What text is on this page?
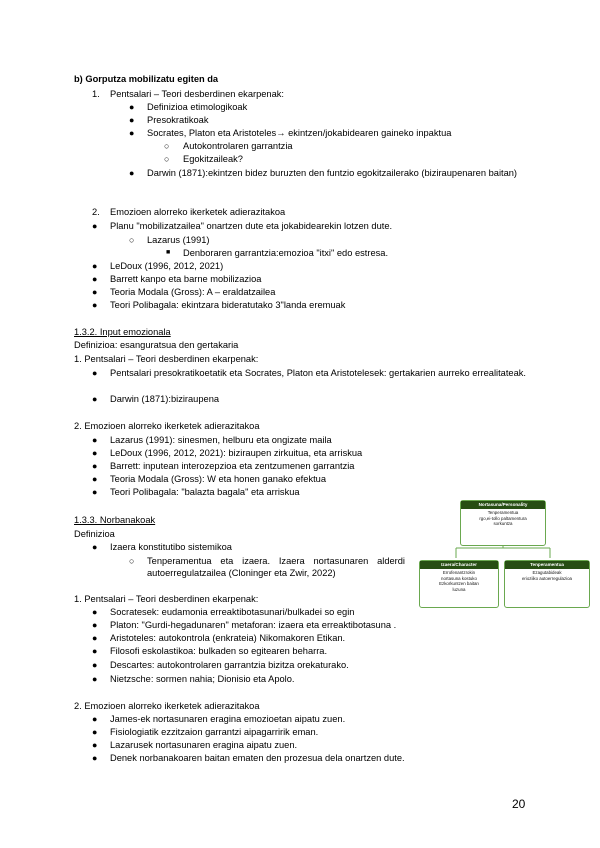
b) Gorputza mobilizatu egiten da
1. Pentsalari – Teori desberdinen ekarpenak:
● Definizioa etimologikoak
● Presokratikoak
● Socrates, Platon eta Aristoteles→ ekintzen/jokabidearen gaineko inpaktua
○ Autokontrolaren garrantzia
○ Egokitzaileak?
● Darwin (1871):ekintzen bidez buruzten den funtzio egokitzailerako (biziraupenaren baitan)
2. Emozioen alorreko ikerketek adierazitakoa
● Planu "mobilizatzailea" onartzen dute eta jokabidearekin lotzen dute.
○ Lazarus (1991)
■ Denboraren garrantzia:emozioa "itxi" edo estresa.
● LeDoux (1996, 2012, 2021)
● Barrett kanpo eta barne mobilizazioa
● Teoria Modala (Gross): A – eraldatzailea
● Teori Polibagala: ekintzara bideratutako 3"landa eremuak
1.3.2. Input emozionala
Definizioa: esanguratsua den gertakaria
1. Pentsalari – Teori desberdinen ekarpenak:
● Pentsalari presokratikoetatik eta Socrates, Platon eta Aristotelesek: gertakarien aurreko errealitateak.
● Darwin (1871):biziraupena
2. Emozioen alorreko ikerketek adierazitakoa
● Lazarus (1991): sinesmen, helburu eta ongizate maila
● LeDoux (1996, 2012, 2021): biziraupen zirkuitua, eta arriskua
● Barrett: inputean interozepzioa eta zentzumenen garrantzia
● Teoria Modala (Gross): W eta honen ganako efektua
● Teori Polibagala: "balazta bagala" eta arriskua
1.3.3. Norbanakoak
Definizioa
● Izaera konstitutibo sistemikoa
○ Tenperamentua eta izaera. Izaera nortasunaren alderdi autoerregulatzailea (Cloninger eta Zwir, 2022)
1. Pentsalari – Teori desberdinen ekarpenak:
● Socratesek: eudamonia erreaktibotasunari/bulkadei so egin
● Platon: "Gurdi-hegadunaren" metaforan: izaera eta erreaktibotasuna .
● Aristoteles: autokontrola (enkrateia) Nikomakoren Etikan.
● Filosofi eskolastikoa: bulkaden so egitearen beharra.
● Descartes: autokontrolaren garrantzia bizitza orekaturako.
● Nietzsche: sormen nahia; Dionisio eta Apolo.
2. Emozioen alorreko ikerketek adierazitakoa
● James-ek nortasunaren eragina emozioetan aipatu zuen.
● Fisiologiatik ezzitzaion garrantzi aipagarririk eman.
● Lazarusek nortasunaren eragina aipatu zuen.
● Denek norbanakoaren baitan ematen den prozesua dela onartzen dute.
Nortasuna/Personality
Tenperamentua
rgo,ei-tollo paltamentura
sorkuntza
Izaera/Character
Errofenantzrokin
nortasuna kostuko
Ezkorkuntzen baitan
luzuna
Tenperamentua
Ezagutabideak
erioziiko autoerregulazioa
20
